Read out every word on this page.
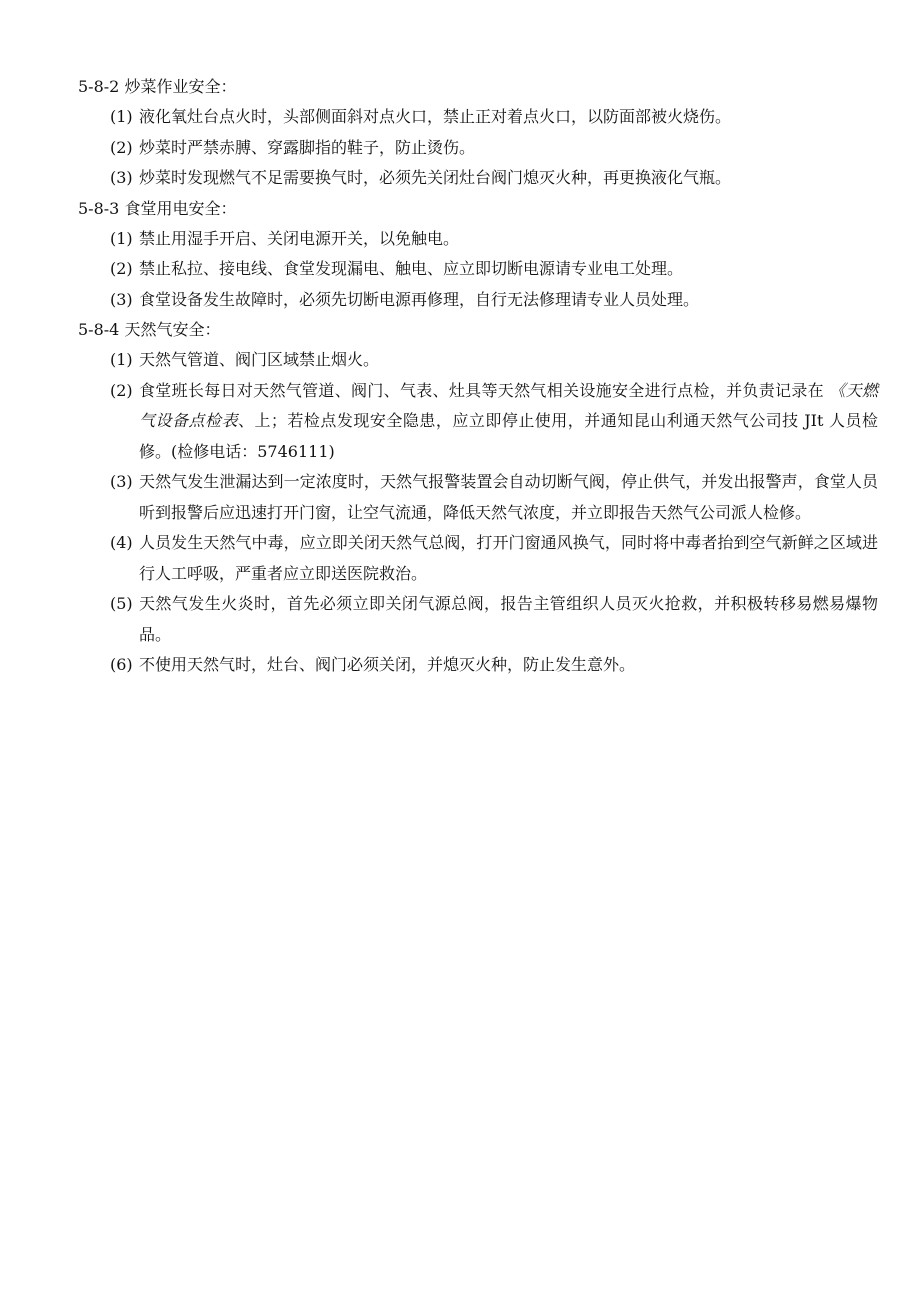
5-8-2 炒菜作业安全：
(1) 液化氧灶台点火时，头部侧面斜对点火口，禁止正对着点火口，以防面部被火烧伤。
(2) 炒菜时严禁赤膊、穿露脚指的鞋子，防止烫伤。
(3) 炒菜时发现燃气不足需要换气时，必须先关闭灶台阀门熄灭火种，再更换液化气瓶。
5-8-3 食堂用电安全：
(1) 禁止用湿手开启、关闭电源开关，以免触电。
(2) 禁止私拉、接电线、食堂发现漏电、触电、应立即切断电源请专业电工处理。
(3) 食堂设备发生故障时，必须先切断电源再修理，自行无法修理请专业人员处理。
5-8-4 天然气安全：
(1) 天然气管道、阀门区域禁止烟火。
(2) 食堂班长每日对天然气管道、阀门、气表、灶具等天然气相关设施安全进行点检，并负责记录在 《天燃气设备点检表、上；若检点发现安全隐患，应立即停止使用，并通知昆山利通天然气公司技 JIt 人员检修。(检修电话：5746111)
(3) 天然气发生泄漏达到一定浓度时，天然气报警装置会自动切断气阀，停止供气，并发出报警声，食堂人员听到报警后应迅速打开门窗，让空气流通，降低天然气浓度，并立即报告天然气公司派人检修。
(4) 人员发生天然气中毒，应立即关闭天然气总阀，打开门窗通风换气，同时将中毒者抬到空气新鲜之区域进行人工呼吸，严重者应立即送医院救治。
(5) 天然气发生火炎时，首先必须立即关闭气源总阀，报告主管组织人员灭火抢救，并积极转移易燃易爆物品。
(6) 不使用天然气时，灶台、阀门必须关闭，并熄灭火种，防止发生意外。
